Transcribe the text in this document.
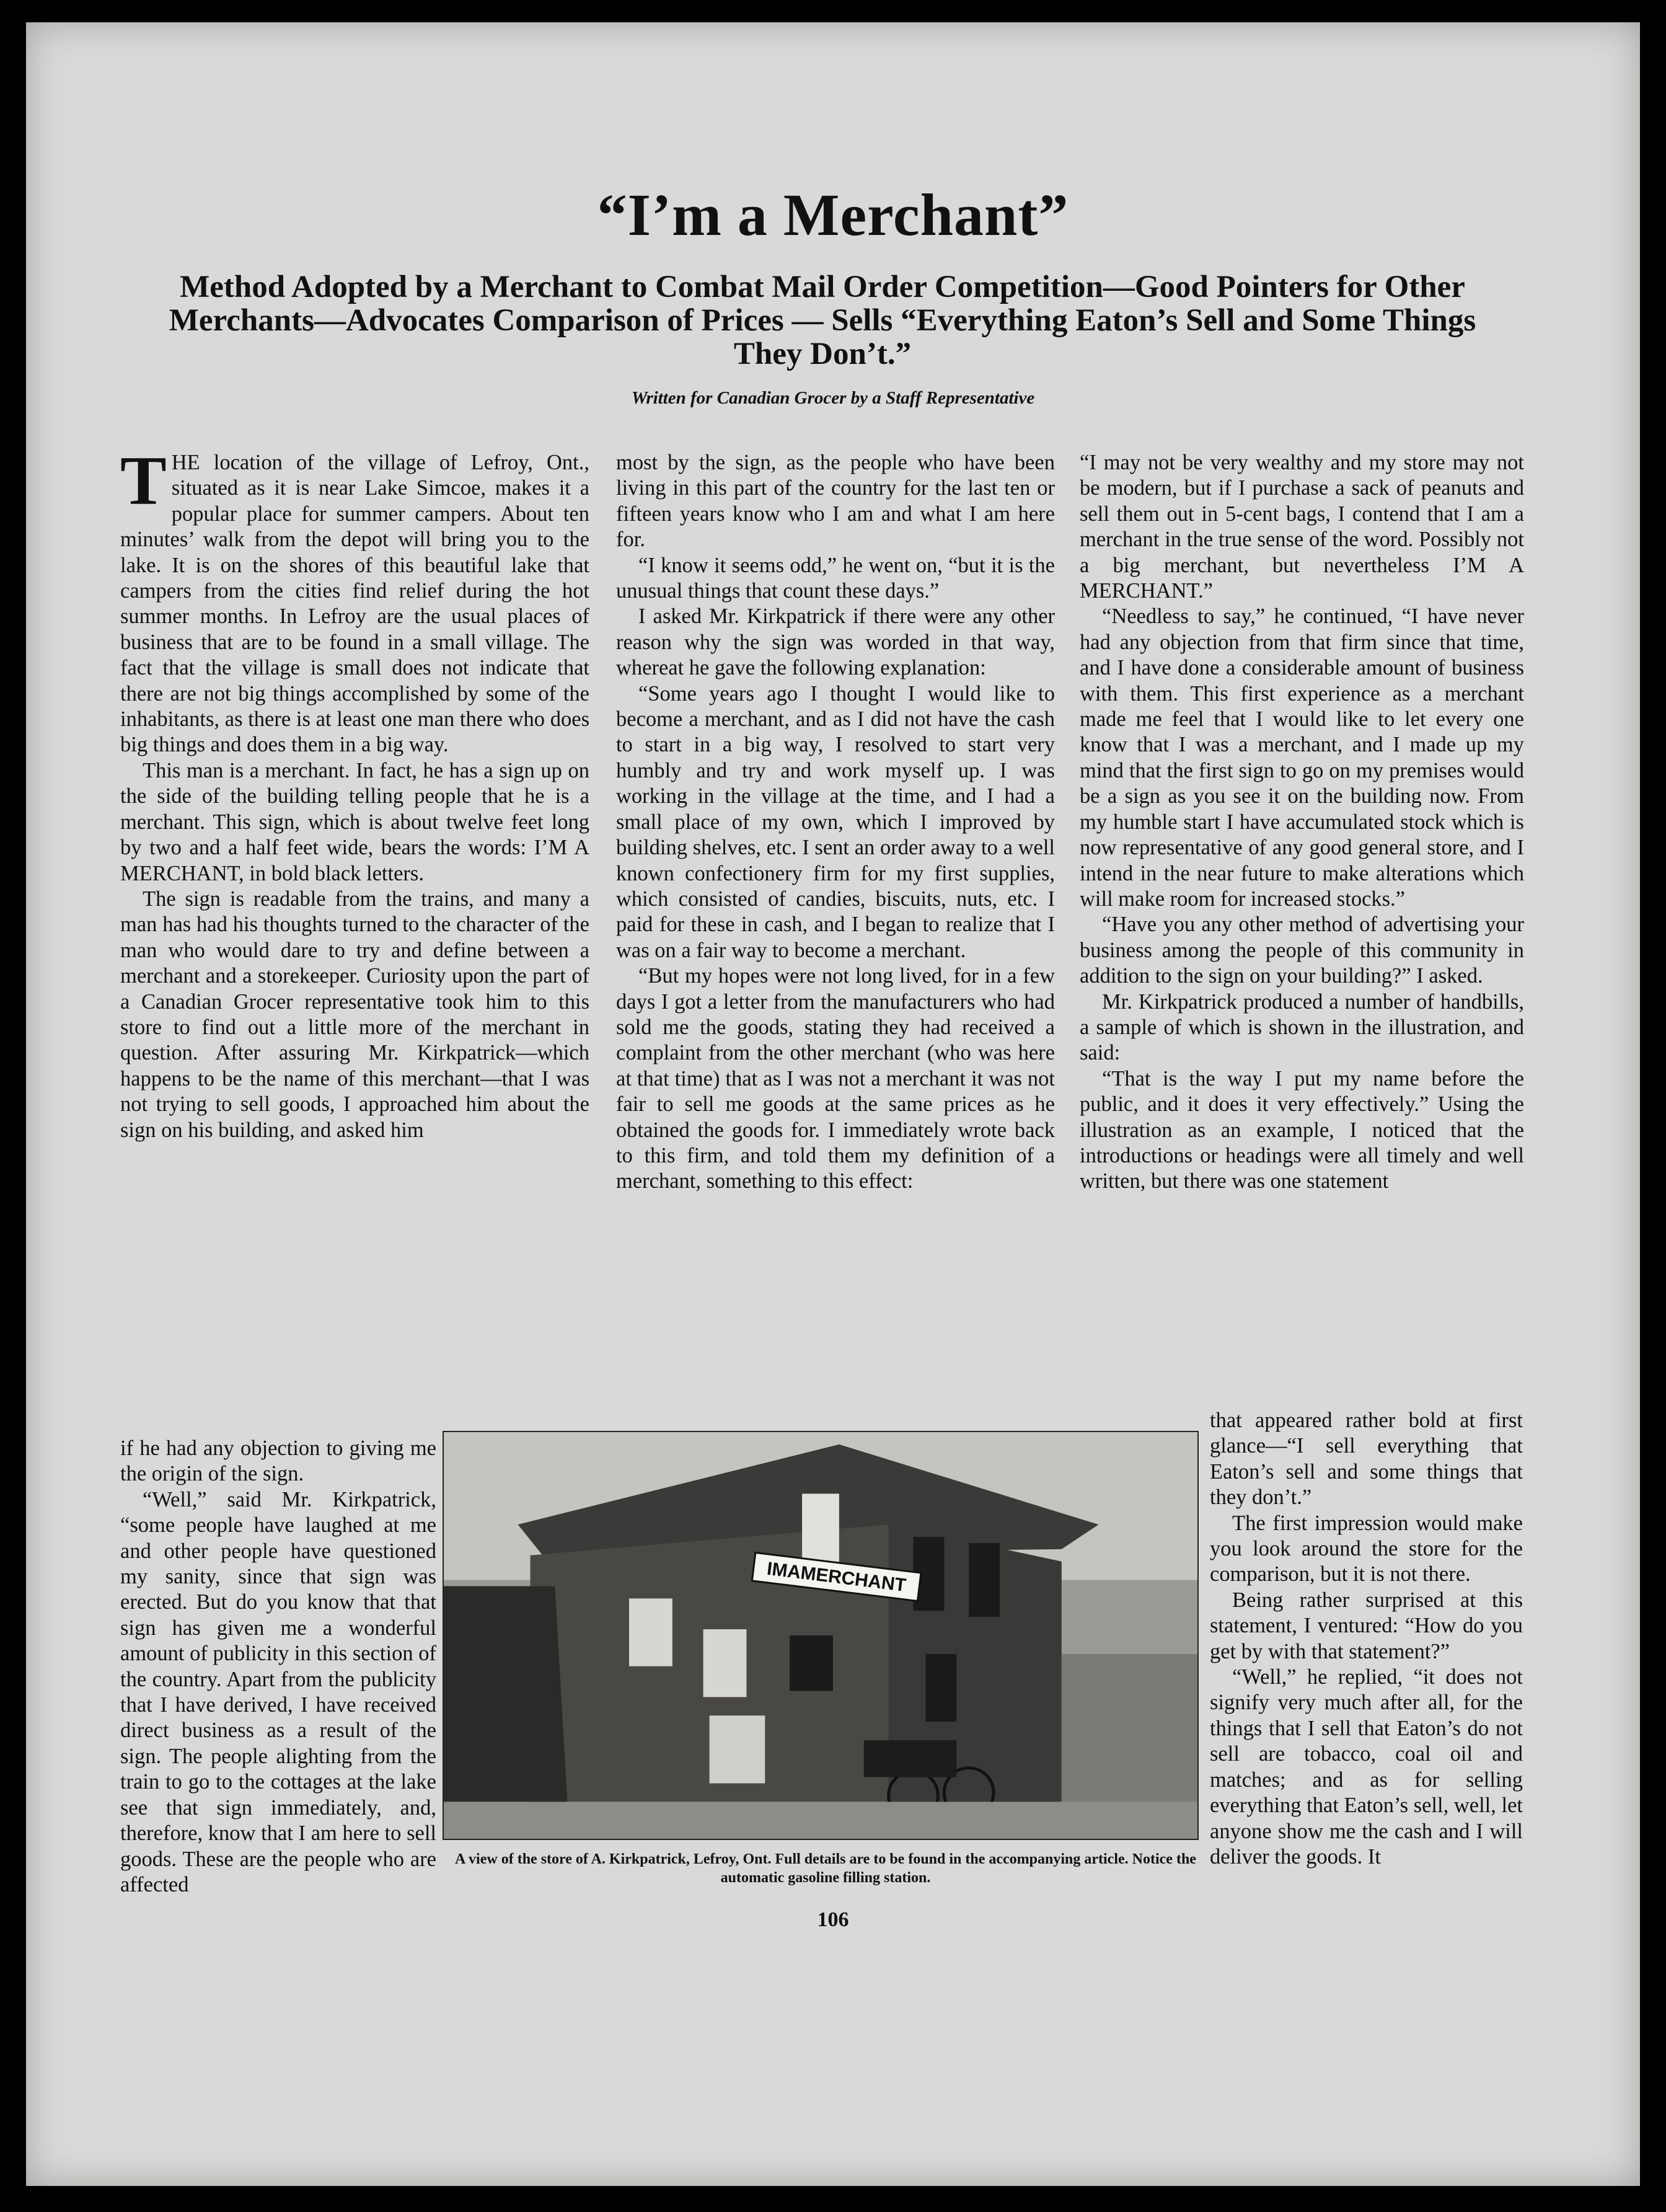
“I’m a Merchant”
Method Adopted by a Merchant to Combat Mail Order Competition—Good Pointers for Other Merchants—Advocates Comparison of Prices — Sells “Everything Eaton’s Sell and Some Things They Don’t.”
Written for Canadian Grocer by a Staff Representative
T HE location of the village of Lefroy, Ont., situated as it is near Lake Simcoe, makes it a popular place for summer campers. About ten minutes’ walk from the depot will bring you to the lake. It is on the shores of this beautiful lake that campers from the cities find relief during the hot summer months. In Lefroy are the usual places of business that are to be found in a small village. The fact that the village is small does not indicate that there are not big things accomplished by some of the inhabitants, as there is at least one man there who does big things and does them in a big way.

This man is a merchant. In fact, he has a sign up on the side of the building telling people that he is a merchant. This sign, which is about twelve feet long by two and a half feet wide, bears the words: I’M A MERCHANT, in bold black letters.

The sign is readable from the trains, and many a man has had his thoughts turned to the character of the man who would dare to try and define between a merchant and a storekeeper. Curiosity upon the part of a Canadian Grocer representative took him to this store to find out a little more of the merchant in question. After assuring Mr. Kirkpatrick—which happens to be the name of this merchant—that I was not trying to sell goods, I approached him about the sign on his building, and asked him

if he had any objection to giving me the origin of the sign.

“Well,” said Mr. Kirkpatrick, “some people have laughed at me and other people have questioned my sanity, since that sign was erected. But do you know that that sign has given me a wonderful amount of publicity in this section of the country. Apart from the publicity that I have derived, I have received direct business as a result of the sign. The people alighting from the train to go to the cottages at the lake see that sign immediately, and, therefore, know that I am here to sell goods. These are the people who are affected

most by the sign, as the people who have been living in this part of the country for the last ten or fifteen years know who I am and what I am here for.

“I know it seems odd,” he went on, “but it is the unusual things that count these days.”

I asked Mr. Kirkpatrick if there were any other reason why the sign was worded in that way, whereat he gave the following explanation:

“Some years ago I thought I would like to become a merchant, and as I did not have the cash to start in a big way, I resolved to start very humbly and try and work myself up. I was working in the village at the time, and I had a small place of my own, which I improved by building shelves, etc. I sent an order away to a well known confectionery firm for my first supplies, which consisted of candies, biscuits, nuts, etc. I paid for these in cash, and I began to realize that I was on a fair way to become a merchant.

“But my hopes were not long lived, for in a few days I got a letter from the manufacturers who had sold me the goods, stating they had received a complaint from the other merchant (who was here at that time) that as I was not a merchant it was not fair to sell me goods at the same prices as he obtained the goods for. I immediately wrote back to this firm, and told them my definition of a merchant, something to this effect:

“I may not be very wealthy and my store may not be modern, but if I purchase a sack of peanuts and sell them out in 5-cent bags, I contend that I am a merchant in the true sense of the word. Possibly not a big merchant, but nevertheless I’M A MERCHANT.”

“Needless to say,” he continued, “I have never had any objection from that firm since that time, and I have done a considerable amount of business with them. This first experience as a merchant made me feel that I would like to let every one know that I was a merchant, and I made up my mind that the first sign to go on my premises would be a sign as you see it on the building now. From my humble start I have accumulated stock which is now representative of any good general store, and I intend in the near future to make alterations which will make room for increased stocks.”

“Have you any other method of advertising your business among the people of this community in addition to the sign on your building?” I asked.

Mr. Kirkpatrick produced a number of handbills, a sample of which is shown in the illustration, and said:

“That is the way I put my name before the public, and it does it very effectively.” Using the illustration as an example, I noticed that the introductions or headings were all timely and well written, but there was one statement

that appeared rather bold at first glance—“I sell everything that Eaton’s sell and some things that they don’t.”

The first impression would make you look around the store for the comparison, but it is not there.

Being rather surprised at this statement, I ventured: “How do you get by with that statement?”

“Well,” he replied, “it does not signify very much after all, for the things that I sell that Eaton’s do not sell are tobacco, coal oil and matches; and as for selling everything that Eaton’s sell, well, let anyone show me the cash and I will deliver the goods. It

IMAMERCHANT
A view of the store of A. Kirkpatrick, Lefroy, Ont. Full details are to be found in the accompanying article. Notice the automatic gasoline filling station.
106
